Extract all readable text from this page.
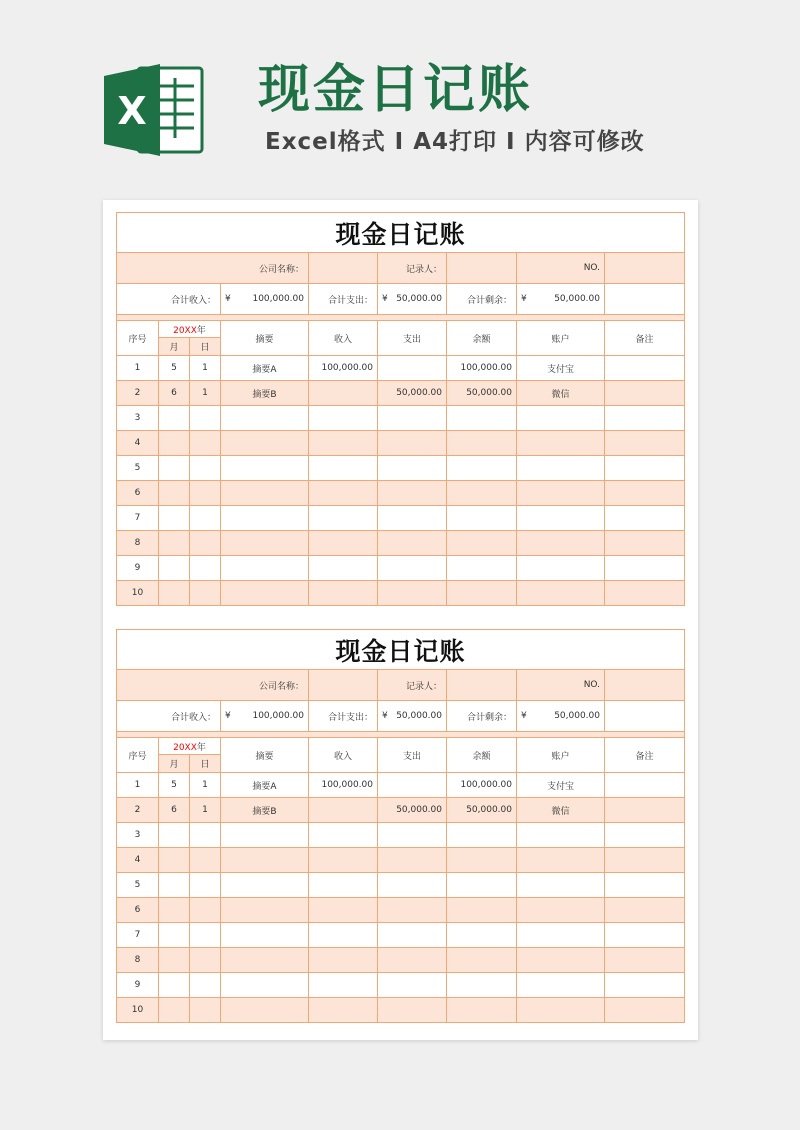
X 现金日记账
Excel格式 I A4打印 I 内容可修改
现金日记账								
公司名称：					记录人：		NO.	
合计收入：			¥ 100,000.00	合计支出：	¥ 50,000.00	合计剩余：	¥ 50,000.00	

序号	20XX年		摘要	收入	支出	余额	账户	备注
	月	日						
1	5	1	摘要A	100,000.00		100,000.00	支付宝	
2	6	1	摘要B		50,000.00	50,000.00	微信	
3								
4								
5								
6								
7								
8								
9								
10								
现金日记账								
公司名称：					记录人：		NO.	
合计收入：			¥ 100,000.00	合计支出：	¥ 50,000.00	合计剩余：	¥ 50,000.00	

序号	20XX年		摘要	收入	支出	余额	账户	备注
	月	日						
1	5	1	摘要A	100,000.00		100,000.00	支付宝	
2	6	1	摘要B		50,000.00	50,000.00	微信	
3								
4								
5								
6								
7								
8								
9								
10								
